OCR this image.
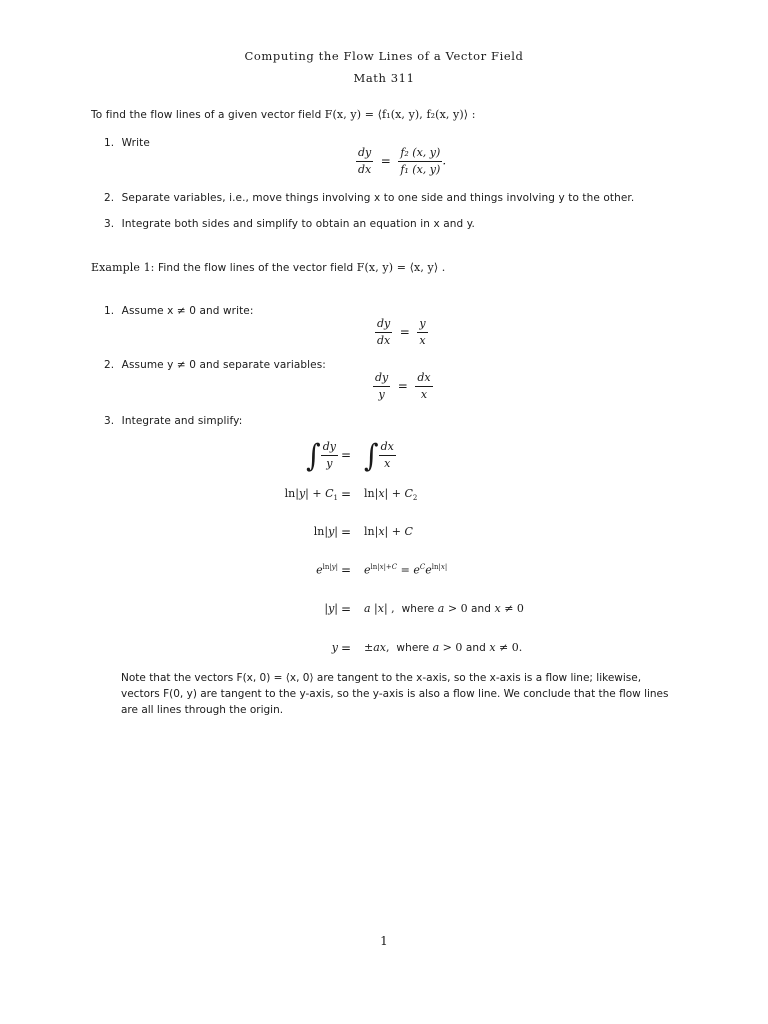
Computing the Flow Lines of a Vector Field
Math 311
To find the flow lines of a given vector field F(x, y) = ⟨f₁(x, y), f₂(x, y)⟩ :
1. Write
$\frac{dy}{dx} = \frac{\text{f₂ (x, y)}}{\text{f₁ (x, y)}}$ .
2. Separate variables, i.e., move things involving x to one side and things involving y to the other.
3. Integrate both sides and simplify to obtain an equation in x and y.
Example 1: Find the flow lines of the vector field F(x, y) = ⟨x, y⟩ .
1. Assume x ≠ 0 and write:
$\frac{dy}{dx} = \frac{y}{x}$
2. Assume y ≠ 0 and separate variables:
$\frac{dy}{y} = \frac{dx}{x}$
3. Integrate and simplify:
∫ $\frac{dy}{y}$ = ∫ $\frac{dx}{x}$
$\ln|y| + C_1 = \ln|x| + C_2$
ln|y| = ln|x| + C
$e^{ln|y|} = e^{ln|x|+C} = e^Ce^{ln|x|}$
|y| = a |x| ,  where a > 0 and x ≠ 0
y = ±ax,  where a > 0 and x ≠ 0.
Note that the vectors F(x, 0) = ⟨x, 0⟩ are tangent to the x-axis, so the x-axis is a flow line; likewise, vectors F(0, y) are tangent to the y-axis, so the y-axis is also a flow line. We conclude that the flow lines are all lines through the origin.
1
